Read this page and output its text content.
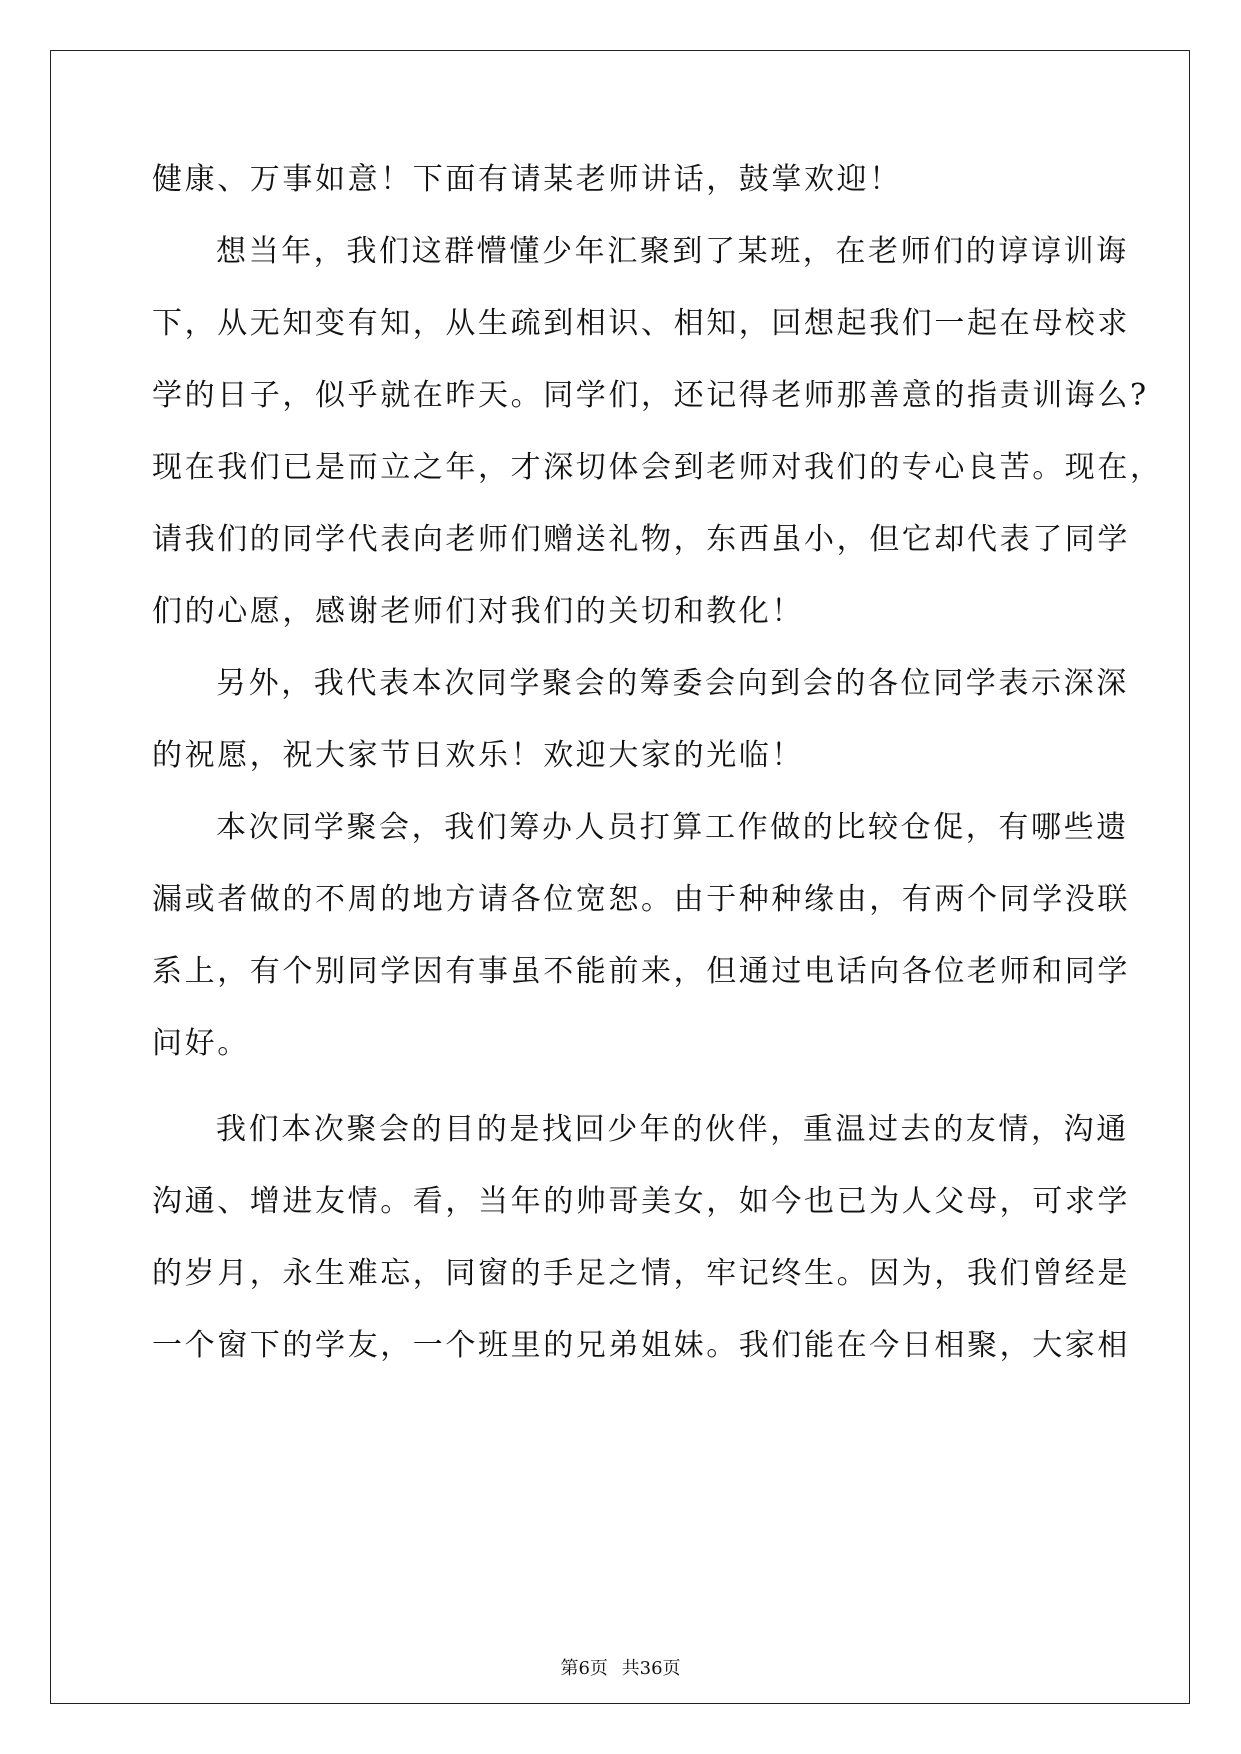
健康、万事如意！下面有请某老师讲话，鼓掌欢迎！
想当年，我们这群懵懂少年汇聚到了某班，在老师们的谆谆训诲
下，从无知变有知，从生疏到相识、相知，回想起我们一起在母校求
学的日子，似乎就在昨天。同学们，还记得老师那善意的指责训诲么?
现在我们已是而立之年，才深切体会到老师对我们的专心良苦。现在，
请我们的同学代表向老师们赠送礼物，东西虽小，但它却代表了同学
们的心愿，感谢老师们对我们的关切和教化！
另外，我代表本次同学聚会的筹委会向到会的各位同学表示深深
的祝愿，祝大家节日欢乐！欢迎大家的光临！
本次同学聚会，我们筹办人员打算工作做的比较仓促，有哪些遗
漏或者做的不周的地方请各位宽恕。由于种种缘由，有两个同学没联
系上，有个别同学因有事虽不能前来，但通过电话向各位老师和同学
问好。
我们本次聚会的目的是找回少年的伙伴，重温过去的友情，沟通
沟通、增进友情。看，当年的帅哥美女，如今也已为人父母，可求学
的岁月，永生难忘，同窗的手足之情，牢记终生。因为，我们曾经是
一个窗下的学友，一个班里的兄弟姐妹。我们能在今日相聚，大家相
第6页 共36页
